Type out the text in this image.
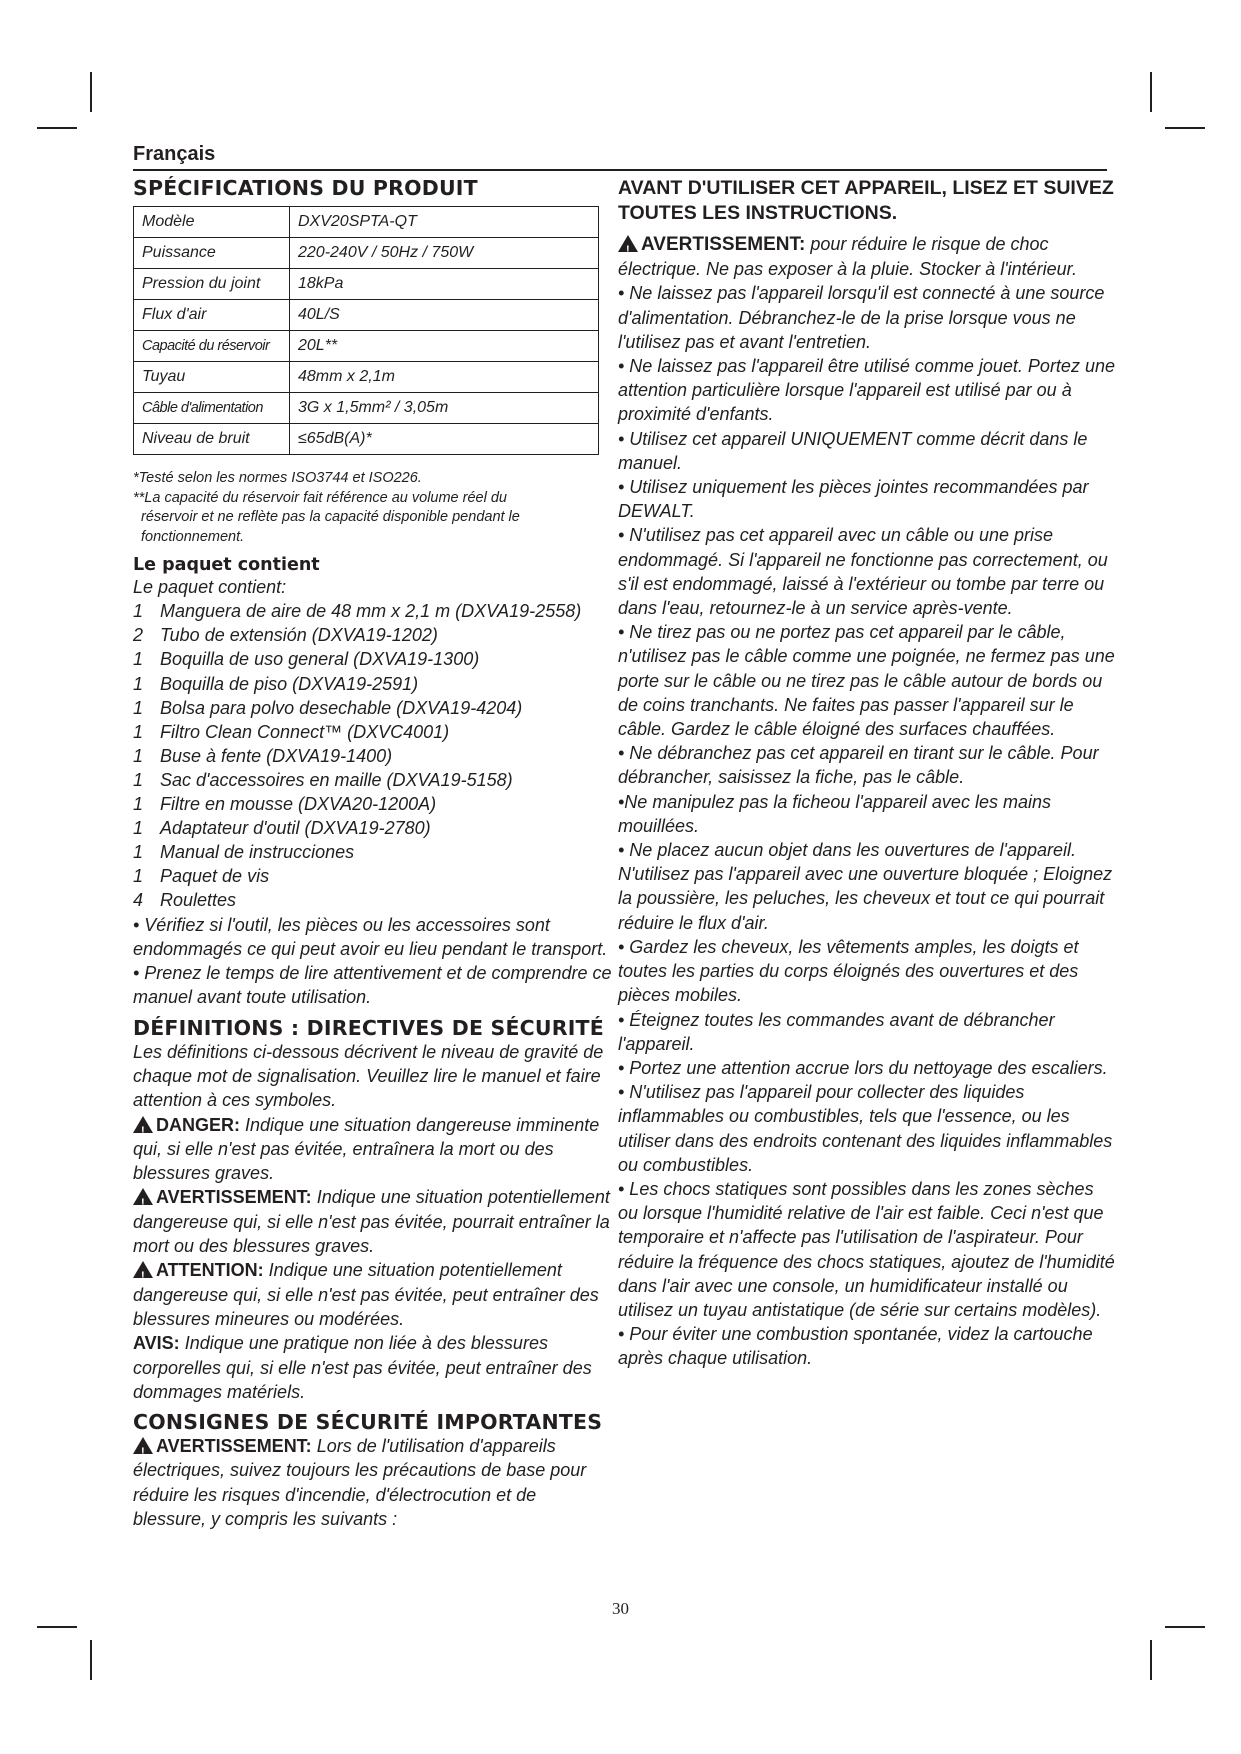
Français
SPÉCIFICATIONS DU PRODUIT
Modèle	DXV20SPTA-QT
Puissance	220-240V / 50Hz / 750W
Pression du joint	18kPa
Flux d'air	40L/S
Capacité du réservoir	20L**
Tuyau	48mm x 2,1m
Câble d'alimentation	3G x 1,5mm² / 3,05m
Niveau de bruit	≤65dB(A)*

*Testé selon les normes ISO3744 et ISO226.

**La capacité du réservoir fait référence au volume réel du

réservoir et ne reflète pas la capacité disponible pendant le

fonctionnement.

Le paquet contient

Le paquet contient:

1 Manguera de aire de 48 mm x 2,1 m (DXVA19-2558)
2 Tubo de extensión (DXVA19-1202)
1 Boquilla de uso general (DXVA19-1300)
1 Boquilla de piso (DXVA19-2591)
1 Bolsa para polvo desechable (DXVA19-4204)
1 Filtro Clean Connect™ (DXVC4001)
1 Buse à fente (DXVA19-1400)
1 Sac d'accessoires en maille (DXVA19-5158)
1 Filtre en mousse (DXVA20-1200A)
1 Adaptateur d'outil (DXVA19-2780)
1 Manual de instrucciones
1 Paquet de vis
4 Roulettes

• Vérifiez si l'outil, les pièces ou les accessoires sont endommagés ce qui peut avoir eu lieu pendant le transport.

• Prenez le temps de lire attentivement et de comprendre ce manuel avant toute utilisation.

DÉFINITIONS : DIRECTIVES DE SÉCURITÉ

Les définitions ci-dessous décrivent le niveau de gravité de chaque mot de signalisation. Veuillez lire le manuel et faire attention à ces symboles.

!DANGER: Indique une situation dangereuse imminente qui, si elle n'est pas évitée, entraînera la mort ou des blessures graves.

!AVERTISSEMENT: Indique une situation potentiellement dangereuse qui, si elle n'est pas évitée, pourrait entraîner la mort ou des blessures graves.

!ATTENTION: Indique une situation potentiellement dangereuse qui, si elle n'est pas évitée, peut entraîner des blessures mineures ou modérées.

AVIS: Indique une pratique non liée à des blessures corporelles qui, si elle n'est pas évitée, peut entraîner des dommages matériels.

CONSIGNES DE SÉCURITÉ IMPORTANTES

!AVERTISSEMENT: Lors de l'utilisation d'appareils électriques, suivez toujours les précautions de base pour réduire les risques d'incendie, d'électrocution et de blessure, y compris les suivants :

AVANT D'UTILISER CET APPAREIL, LISEZ ET SUIVEZ TOUTES LES INSTRUCTIONS.

!AVERTISSEMENT: pour réduire le risque de choc électrique. Ne pas exposer à la pluie. Stocker à l'intérieur.

• Ne laissez pas l'appareil lorsqu'il est connecté à une source d'alimentation. Débranchez-le de la prise lorsque vous ne l'utilisez pas et avant l'entretien.

• Ne laissez pas l'appareil être utilisé comme jouet. Portez une attention particulière lorsque l'appareil est utilisé par ou à proximité d'enfants.

• Utilisez cet appareil UNIQUEMENT comme décrit dans le manuel.

• Utilisez uniquement les pièces jointes recommandées par DEWALT.

• N'utilisez pas cet appareil avec un câble ou une prise endommagé. Si l'appareil ne fonctionne pas correctement, ou s'il est endommagé, laissé à l'extérieur ou tombe par terre ou dans l'eau, retournez-le à un service après-vente.

• Ne tirez pas ou ne portez pas cet appareil par le câble, n'utilisez pas le câble comme une poignée, ne fermez pas une porte sur le câble ou ne tirez pas le câble autour de bords ou de coins tranchants. Ne faites pas passer l'appareil sur le câble. Gardez le câble éloigné des surfaces chauffées.

• Ne débranchez pas cet appareil en tirant sur le câble. Pour débrancher, saisissez la fiche, pas le câble.

•Ne manipulez pas la ficheou l'appareil avec les mains mouillées.

• Ne placez aucun objet dans les ouvertures de l'appareil.

N'utilisez pas l'appareil avec une ouverture bloquée ; Eloignez la poussière, les peluches, les cheveux et tout ce qui pourrait réduire le flux d'air.

• Gardez les cheveux, les vêtements amples, les doigts et toutes les parties du corps éloignés des ouvertures et des pièces mobiles.

• Éteignez toutes les commandes avant de débrancher l'appareil.

• Portez une attention accrue lors du nettoyage des escaliers.

• N'utilisez pas l'appareil pour collecter des liquides inflammables ou combustibles, tels que l'essence, ou les utiliser dans des endroits contenant des liquides inflammables ou combustibles.

• Les chocs statiques sont possibles dans les zones sèches ou lorsque l'humidité relative de l'air est faible. Ceci n'est que temporaire et n'affecte pas l'utilisation de l'aspirateur. Pour réduire la fréquence des chocs statiques, ajoutez de l'humidité dans l'air avec une console, un humidificateur installé ou utilisez un tuyau antistatique (de série sur certains modèles).

• Pour éviter une combustion spontanée, videz la cartouche après chaque utilisation.

30
